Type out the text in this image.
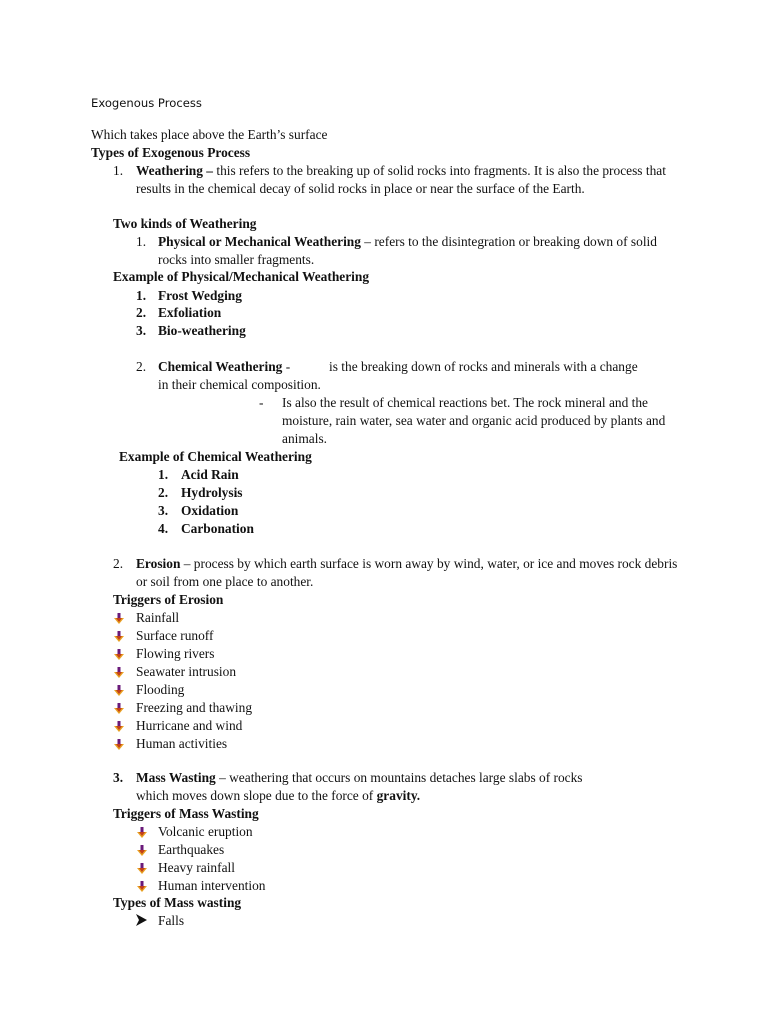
Exogenous Process
Which takes place above the Earth’s surface
Types of Exogenous Process
1. Weathering – this refers to the breaking up of solid rocks into fragments. It is also the process that results in the chemical decay of solid rocks in place or near the surface of the Earth.
Two kinds of Weathering
1. Physical or Mechanical Weathering – refers to the disintegration or breaking down of solid rocks into smaller fragments.
Example of Physical/Mechanical Weathering
1. Frost Wedging
2. Exfoliation
3. Bio-weathering
2. Chemical Weathering -	is the breaking down of rocks and minerals with a change
in their chemical composition.
- Is also the result of chemical reactions bet. The rock mineral and the moisture, rain water, sea water and organic acid produced by plants and animals.
Example of Chemical Weathering
1. Acid Rain
2. Hydrolysis
3. Oxidation
4. Carbonation
2. Erosion – process by which earth surface is worn away by wind, water, or ice and moves rock debris or soil from one place to another.
Triggers of Erosion
Rainfall
Surface runoff
Flowing rivers
Seawater intrusion
Flooding
Freezing and thawing
Hurricane and wind
Human activities
3. Mass Wasting – weathering that occurs on mountains detaches large slabs of rocks
which moves down slope due to the force of gravity.
Triggers of Mass Wasting
Volcanic eruption
Earthquakes
Heavy rainfall
Human intervention
Types of Mass wasting
Falls
